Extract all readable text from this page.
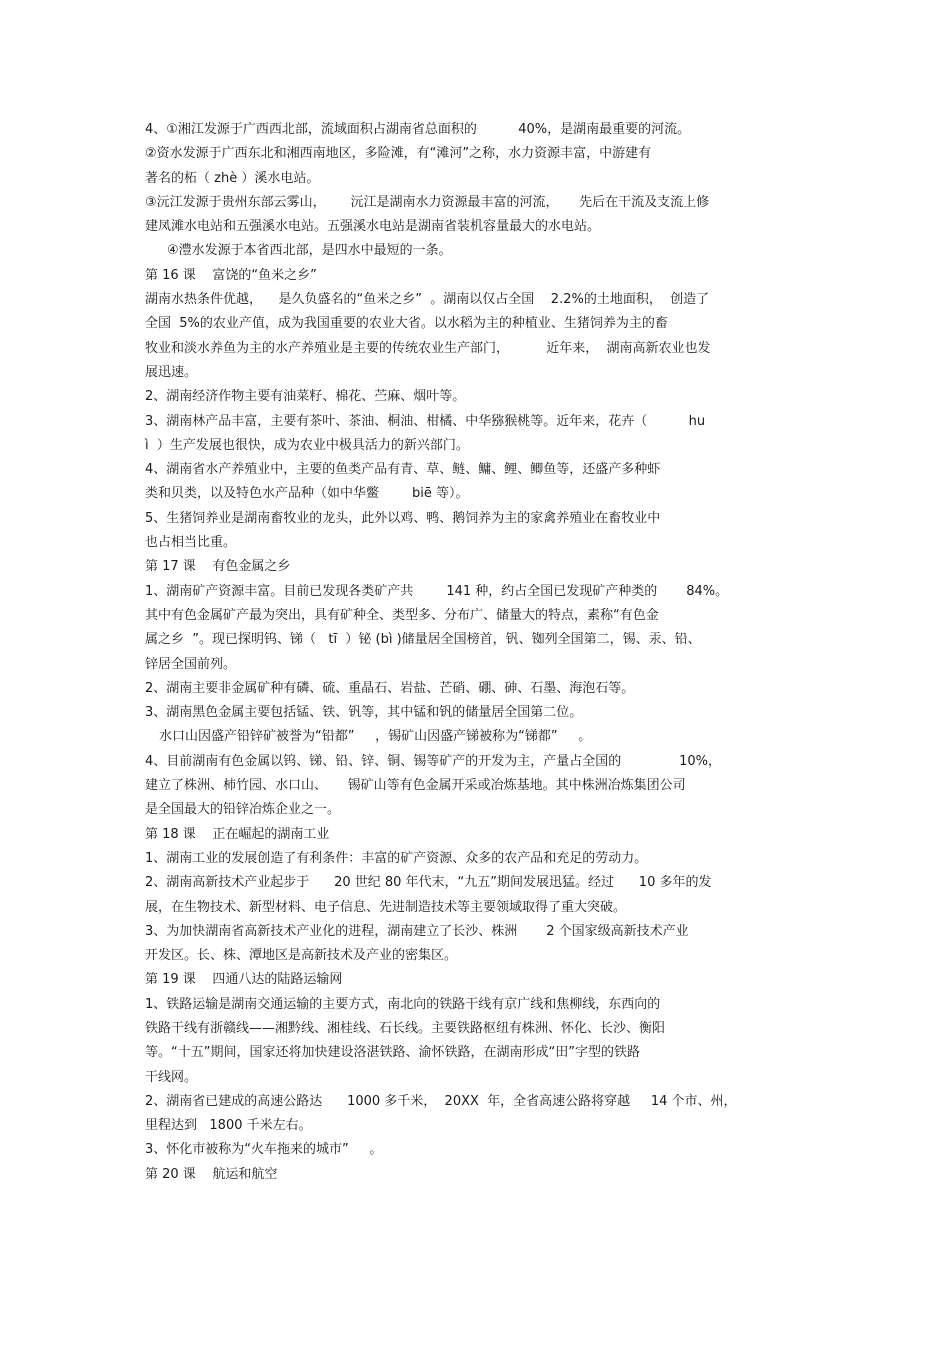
4、①湘江发源于广西西北部，流域面积占湖南省总面积的          40%，是湖南最重要的河流。
②资水发源于广西东北和湘西南地区，多险滩，有“滩河”之称，水力资源丰富，中游建有
著名的柘（ zhè ）溪水电站。
③沅江发源于贵州东部云雾山，      沅江是湖南水力资源最丰富的河流，     先后在干流及支流上修
建凤滩水电站和五强溪水电站。五强溪水电站是湖南省装机容量最大的水电站。
④澧水发源于本省西北部，是四水中最短的一条。
第 16 课    富饶的“鱼米之乡”
湖南水热条件优越，    是久负盛名的“鱼米之乡”  。湖南以仅占全国    2.2%的土地面积，  创造了
全国  5%的农业产值，成为我国重要的农业大省。以水稻为主的种植业、生猪饲养为主的畜
牧业和淡水养鱼为主的水产养殖业是主要的传统农业生产部门，         近年来，  湖南高新农业也发
展迅速。
2、湖南经济作物主要有油菜籽、棉花、苎麻、烟叶等。
3、湖南林产品丰富，主要有茶叶、茶油、桐油、柑橘、中华猕猴桃等。近年来，花卉（          hu
ì  ）生产发展也很快，成为农业中极具活力的新兴部门。
4、湖南省水产养殖业中，主要的鱼类产品有青、草、鲢、鳙、鲤、鲫鱼等，还盛产多种虾
类和贝类，以及特色水产品种（如中华鳖        biē 等）。
5、生猪饲养业是湖南畜牧业的龙头，此外以鸡、鸭、鹅饲养为主的家禽养殖业在畜牧业中
也占相当比重。
第 17 课    有色金属之乡
1、湖南矿产资源丰富。目前已发现各类矿产共        141 种，约占全国已发现矿产种类的       84%。
其中有色金属矿产最为突出，具有矿种全、类型多、分布广、储量大的特点，素称“有色金
属之乡  ”。现已探明钨、锑（   tī  ）铋 (bì )储量居全国榜首，钒、铷列全国第二，锡、汞、铅、
锌居全国前列。
2、湖南主要非金属矿种有磷、硫、重晶石、岩盐、芒硝、硼、砷、石墨、海泡石等。
3、湖南黑色金属主要包括锰、铁、钒等，其中锰和钒的储量居全国第二位。
水口山因盛产铅锌矿被誉为“铅都”     ，锡矿山因盛产锑被称为“锑都”     。
4、目前湖南有色金属以钨、锑、铅、锌、铜、锡等矿产的开发为主，产量占全国的              10%，
建立了株洲、柿竹园、水口山、     锡矿山等有色金属开采或冶炼基地。其中株洲冶炼集团公司
是全国最大的铅锌冶炼企业之一。
第 18 课    正在崛起的湖南工业
1、湖南工业的发展创造了有利条件：丰富的矿产资源、众多的农产品和充足的劳动力。
2、湖南高新技术产业起步于      20 世纪 80 年代末，“九五”期间发展迅猛。经过      10 多年的发
展，在生物技术、新型材料、电子信息、先进制造技术等主要领域取得了重大突破。
3、为加快湖南省高新技术产业化的进程，湖南建立了长沙、株洲       2 个国家级高新技术产业
开发区。长、株、潭地区是高新技术及产业的密集区。
第 19 课    四通八达的陆路运输网
1、铁路运输是湖南交通运输的主要方式，南北向的铁路干线有京广线和焦柳线，东西向的
铁路干线有浙赣线——湘黔线、湘桂线、石长线。主要铁路枢纽有株洲、怀化、长沙、衡阳
等。“十五”期间，国家还将加快建设洛湛铁路、渝怀铁路，在湖南形成“田”字型的铁路
干线网。
2、湖南省已建成的高速公路达      1000 多千米，  20XX  年，全省高速公路将穿越     14 个市、州，
里程达到   1800 千米左右。
3、怀化市被称为“火车拖来的城市”     。
第 20 课    航运和航空
